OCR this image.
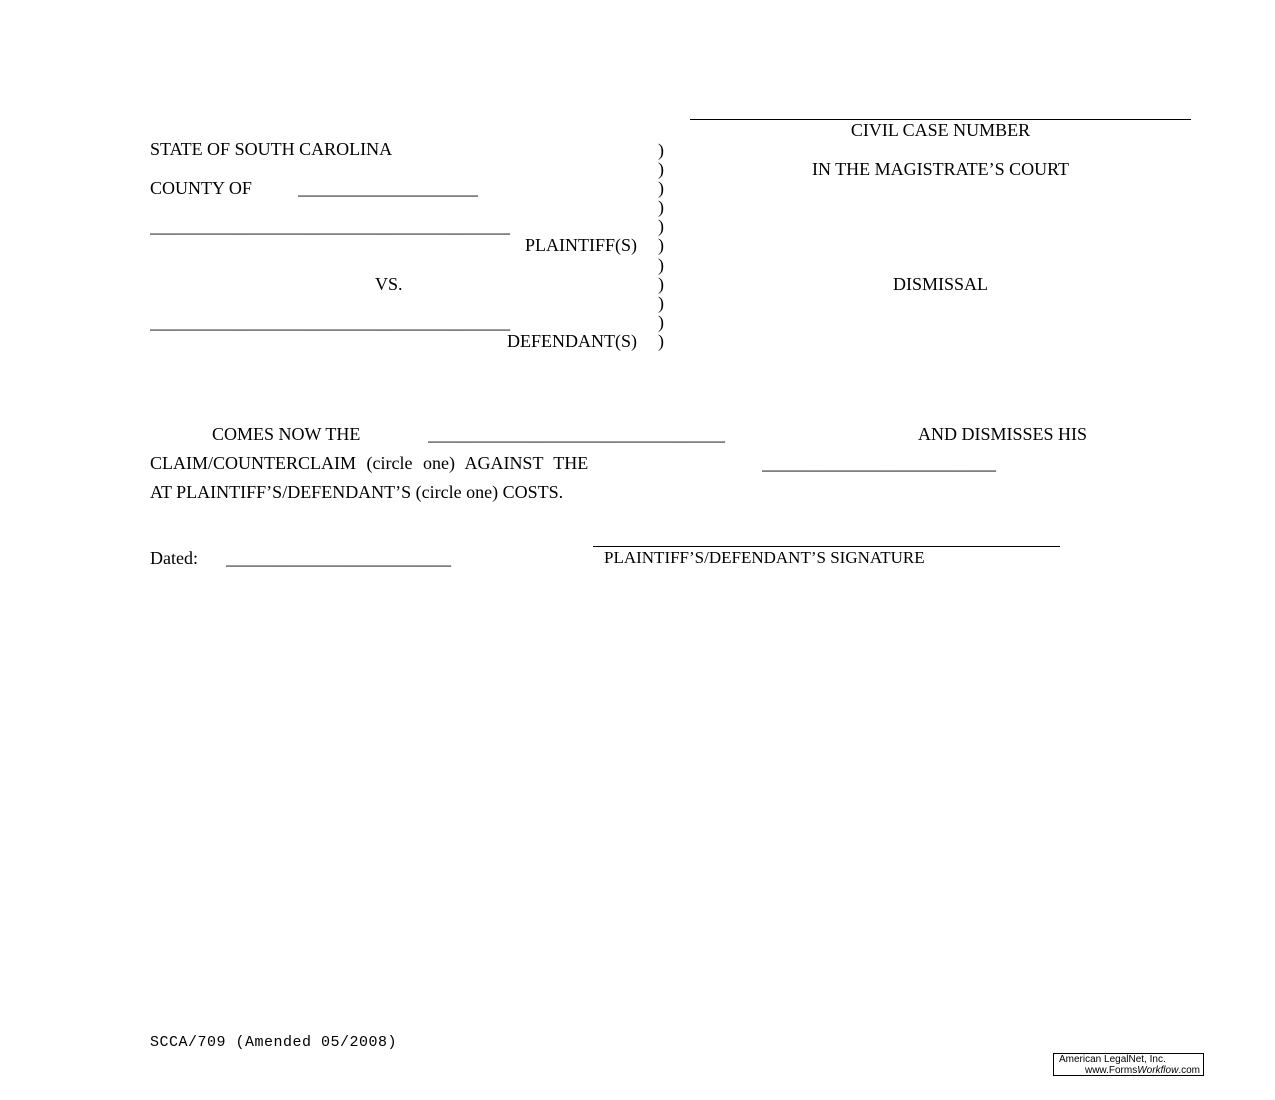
CIVIL CASE NUMBER
IN THE MAGISTRATE’S COURT
DISMISSAL
STATE OF SOUTH CAROLINA
COUNTY OF	____________________
________________________________________
PLAINTIFF(S)
VS.
________________________________________
DEFENDANT(S)
)
)
)
)
)
)
)
)
)
)
)
COMES NOW THE	_________________________________	AND DISMISSES HIS
CLAIM/COUNTERCLAIM (circle one) AGAINST THE	__________________________
AT PLAINTIFF’S/DEFENDANT’S (circle one) COSTS.
Dated: _________________________	PLAINTIFF’S/DEFENDANT’S SIGNATURE
SCCA/709 (Amended 05/2008)
American LegalNet, Inc.
www.FormsWorkflow.com
